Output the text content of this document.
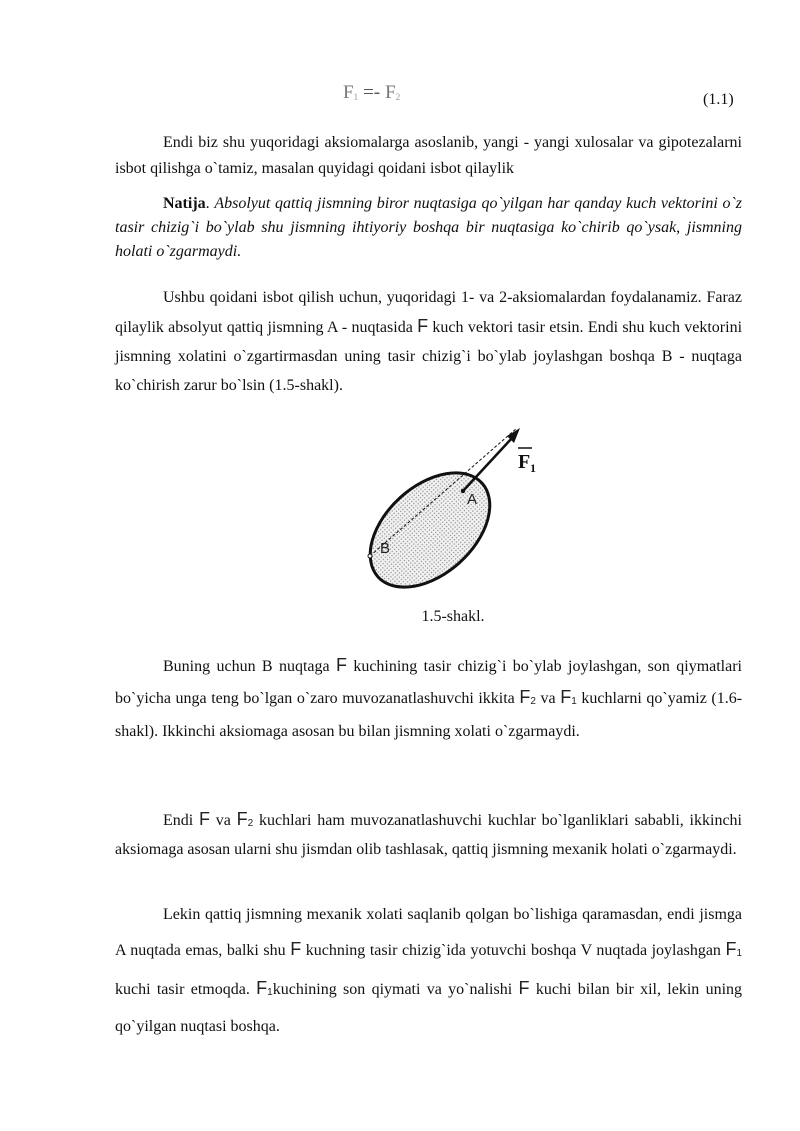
$F_1 =- F_2$	(1.1)

Endi biz shu yuqoridagi aksiomalarga asoslanib, yangi - yangi xulosalar va gipotezalarni isbot qilishga o`tamiz, masalan quyidagi qoidani isbot qilaylik

Natija. Absolyut qattiq jismning biror nuqtasiga qo`yilgan har qanday kuch vektorini o`z tasir chizig`i bo`ylab shu jismning ihtiyoriy boshqa bir nuqtasiga ko`chirib qo`ysak, jismning holati o`zgarmaydi.

Ushbu qoidani isbot qilish uchun, yuqoridagi 1- va 2-aksiomalardan foydalanamiz. Faraz qilaylik absolyut qattiq jismning A - nuqtasida F kuch vektori tasir etsin. Endi shu kuch vektorini jismning xolatini o`zgartirmasdan uning tasir chizig`i bo`ylab joylashgan boshqa B - nuqtaga ko`chirish zarur bo`lsin (1.5-shakl).

A
B
F 1
1.5-shakl.

Buning uchun B nuqtaga F kuchining tasir chizig`i bo`ylab joylashgan, son qiymatlari bo`yicha unga teng bo`lgan o`zaro muvozanatlashuvchi ikkita $F_2$ va $F_1$ kuchlarni qo`yamiz (1.6-shakl). Ikkinchi aksiomaga asosan bu bilan jismning xolati o`zgarmaydi.

Endi F va $F_2$ kuchlari ham muvozanatlashuvchi kuchlar bo`lganliklari sababli, ikkinchi aksiomaga asosan ularni shu jismdan olib tashlasak, qattiq jismning mexanik holati o`zgarmaydi.

Lekin qattiq jismning mexanik xolati saqlanib qolgan bo`lishiga qaramasdan, endi jismga A nuqtada emas, balki shu F kuchning tasir chizig`ida yotuvchi boshqa V nuqtada joylashgan $F_1$ kuchi tasir etmoqda. $F_1kuchining$ son qiymati va yo`nalishi F kuchi bilan bir xil, lekin uning qo`yilgan nuqtasi boshqa.
